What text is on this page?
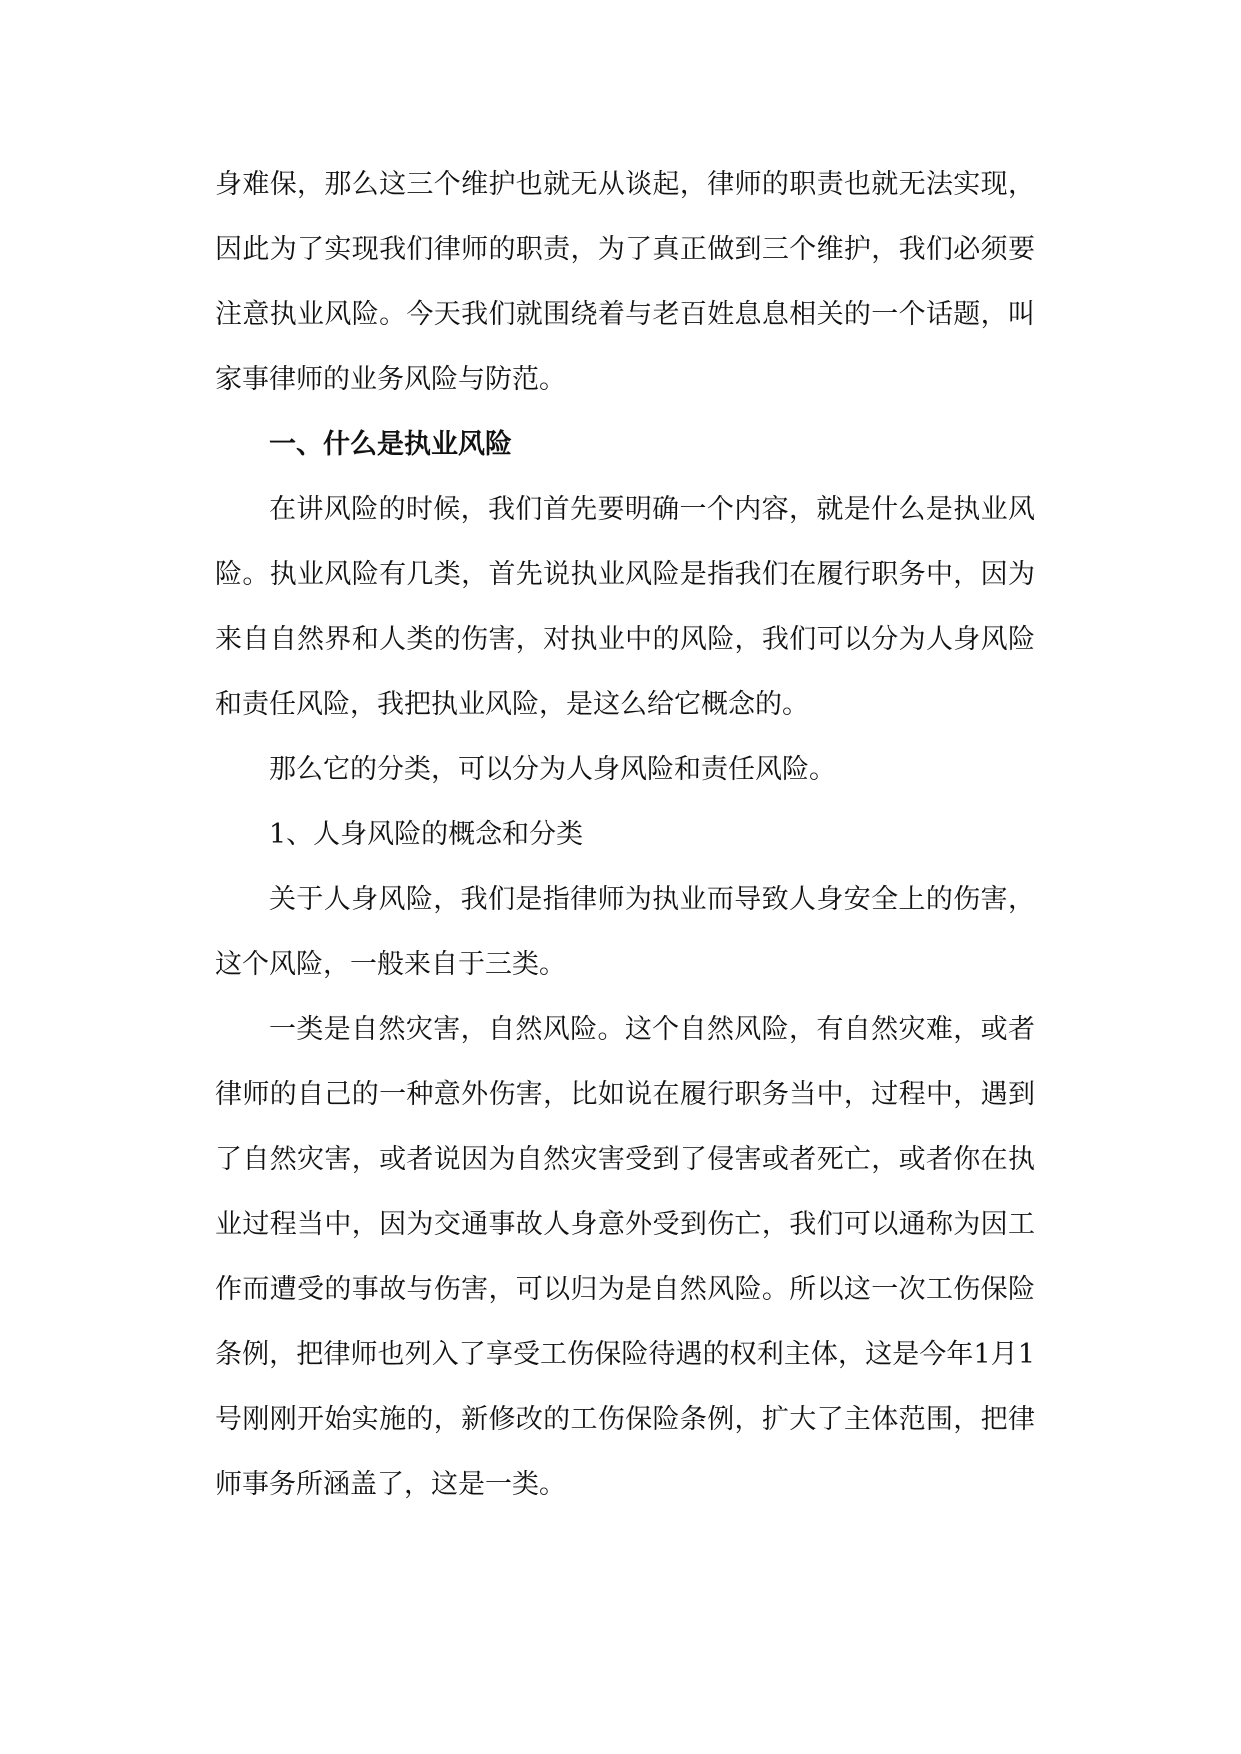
身难保，那么这三个维护也就无从谈起，律师的职责也就无法实现，因此为了实现我们律师的职责，为了真正做到三个维护，我们必须要注意执业风险。今天我们就围绕着与老百姓息息相关的一个话题，叫家事律师的业务风险与防范。

一、什么是执业风险

在讲风险的时候，我们首先要明确一个内容，就是什么是执业风险。执业风险有几类，首先说执业风险是指我们在履行职务中，因为来自自然界和人类的伤害，对执业中的风险，我们可以分为人身风险和责任风险，我把执业风险，是这么给它概念的。

那么它的分类，可以分为人身风险和责任风险。

1、人身风险的概念和分类

关于人身风险，我们是指律师为执业而导致人身安全上的伤害，这个风险，一般来自于三类。

一类是自然灾害，自然风险。这个自然风险，有自然灾难，或者律师的自己的一种意外伤害，比如说在履行职务当中，过程中，遇到了自然灾害，或者说因为自然灾害受到了侵害或者死亡，或者你在执业过程当中，因为交通事故人身意外受到伤亡，我们可以通称为因工作而遭受的事故与伤害，可以归为是自然风险。所以这一次工伤保险条例，把律师也列入了享受工伤保险待遇的权利主体，这是今年1月1号刚刚开始实施的，新修改的工伤保险条例，扩大了主体范围，把律师事务所涵盖了，这是一类。
